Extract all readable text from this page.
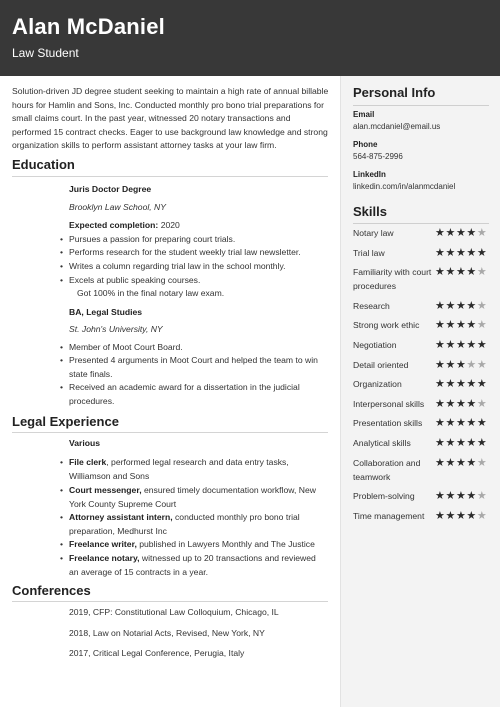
Alan McDaniel
Law Student
Solution-driven JD degree student seeking to maintain a high rate of annual billable hours for Hamlin and Sons, Inc. Conducted monthly pro bono trial preparations for small claims court. In the past year, witnessed 20 notary transactions and performed 15 contract checks. Eager to use background law knowledge and strong organization skills to perform assistant attorney tasks at your law firm.
Education
Juris Doctor Degree
Brooklyn Law School, NY
Expected completion: 2020
• Pursues a passion for preparing court trials.
• Performs research for the student weekly trial law newsletter.
• Writes a column regarding trial law in the school monthly.
• Excels at public speaking courses.
Got 100% in the final notary law exam.
BA, Legal Studies
St. John's University, NY
• Member of Moot Court Board.
• Presented 4 arguments in Moot Court and helped the team to win state finals.
• Received an academic award for a dissertation in the judicial procedures.
Legal Experience
Various
• File clerk, performed legal research and data entry tasks, Williamson and Sons
• Court messenger, ensured timely documentation workflow, New York County Supreme Court
• Attorney assistant intern, conducted monthly pro bono trial preparation, Medhurst Inc
• Freelance writer, published in Lawyers Monthly and The Justice
• Freelance notary, witnessed up to 20 transactions and reviewed an average of 15 contracts in a year.
Conferences
2019, CFP: Constitutional Law Colloquium, Chicago, IL
2018, Law on Notarial Acts, Revised, New York, NY
2017, Critical Legal Conference, Perugia, Italy
Personal Info
Email
alan.mcdaniel@email.us
Phone
564-875-2996
LinkedIn
linkedin.com/in/alanmcdaniel
Skills
Notary law	★★★★★
Trial law	★★★★★
Familiarity with court procedures
★★★★★
Research	★★★★★
Strong work ethic	★★★★★
Negotiation	★★★★★
Detail oriented	★★★★★
Organization	★★★★★
Interpersonal skills ★★★★★
Presentation skills	★★★★★
Analytical skills	★★★★★
Collaboration and teamwork
★★★★★
Problem-solving	★★★★★
Time management ★★★★★
